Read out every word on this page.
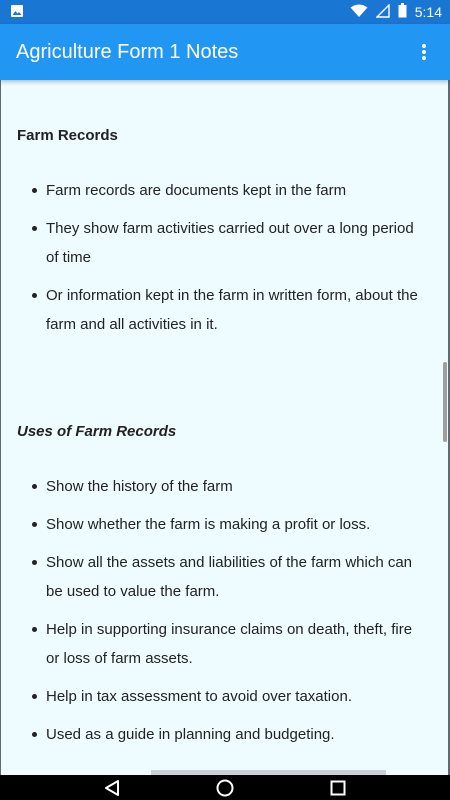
5:14
Agriculture Form 1 Notes
Farm Records
Farm records are documents kept in the farm
They show farm activities carried out over a long period of time
Or information kept in the farm in written form, about the farm and all activities in it.
Uses of Farm Records
Show the history of the farm
Show whether the farm is making a profit or loss.
Show all the assets and liabilities of the farm which can be used to value the farm.
Help in supporting insurance claims on death, theft, fire or loss of farm assets.
Help in tax assessment to avoid over taxation.
Used as a guide in planning and budgeting.
